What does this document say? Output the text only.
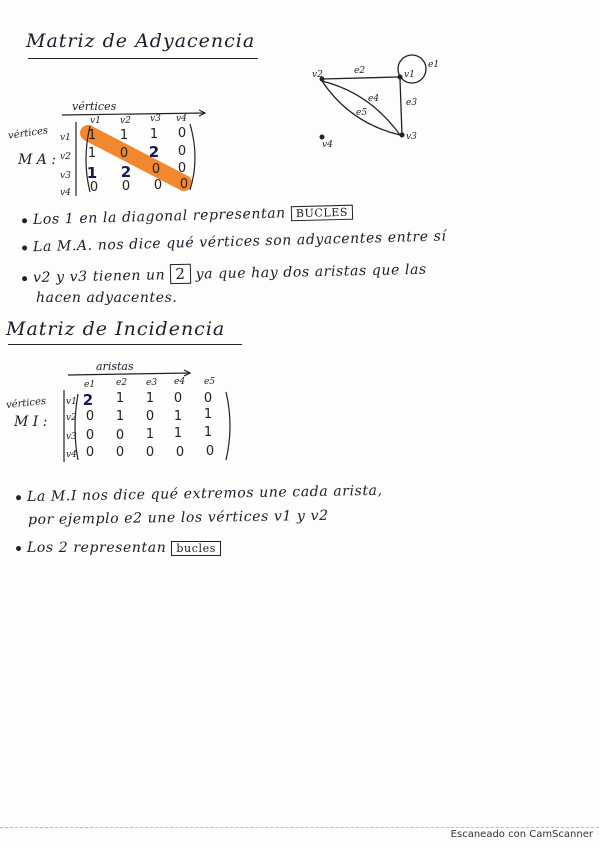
Matriz de Adyacencia
vértices
vértices
M A :
v1 v2 v3 v4
v1
v2
v3
v4
1 1 1 0
1 0 2 0
1 2 0 0
0 0 0 0
v2	v1
v3
v4
e1
e2
e3
e4
e5
Los 1 en la diagonal representan BUCLES
La M.A. nos dice qué vértices son adyacentes entre sí
v2 y v3 tienen un 2 ya que hay dos aristas que las
hacen adyacentes.
Matriz de Incidencia
aristas
vértices
M I :
e1 e2 e3 e4 e5
v1
v2
v3
v4
2 1 1 0 0
0 1 0 1 1
0 0 1 1 1
0 0 0 0 0
La M.I nos dice qué extremos une cada arista,
por ejemplo e2 une los vértices v1 y v2
Los 2 representan bucles
Escaneado con CamScanner
